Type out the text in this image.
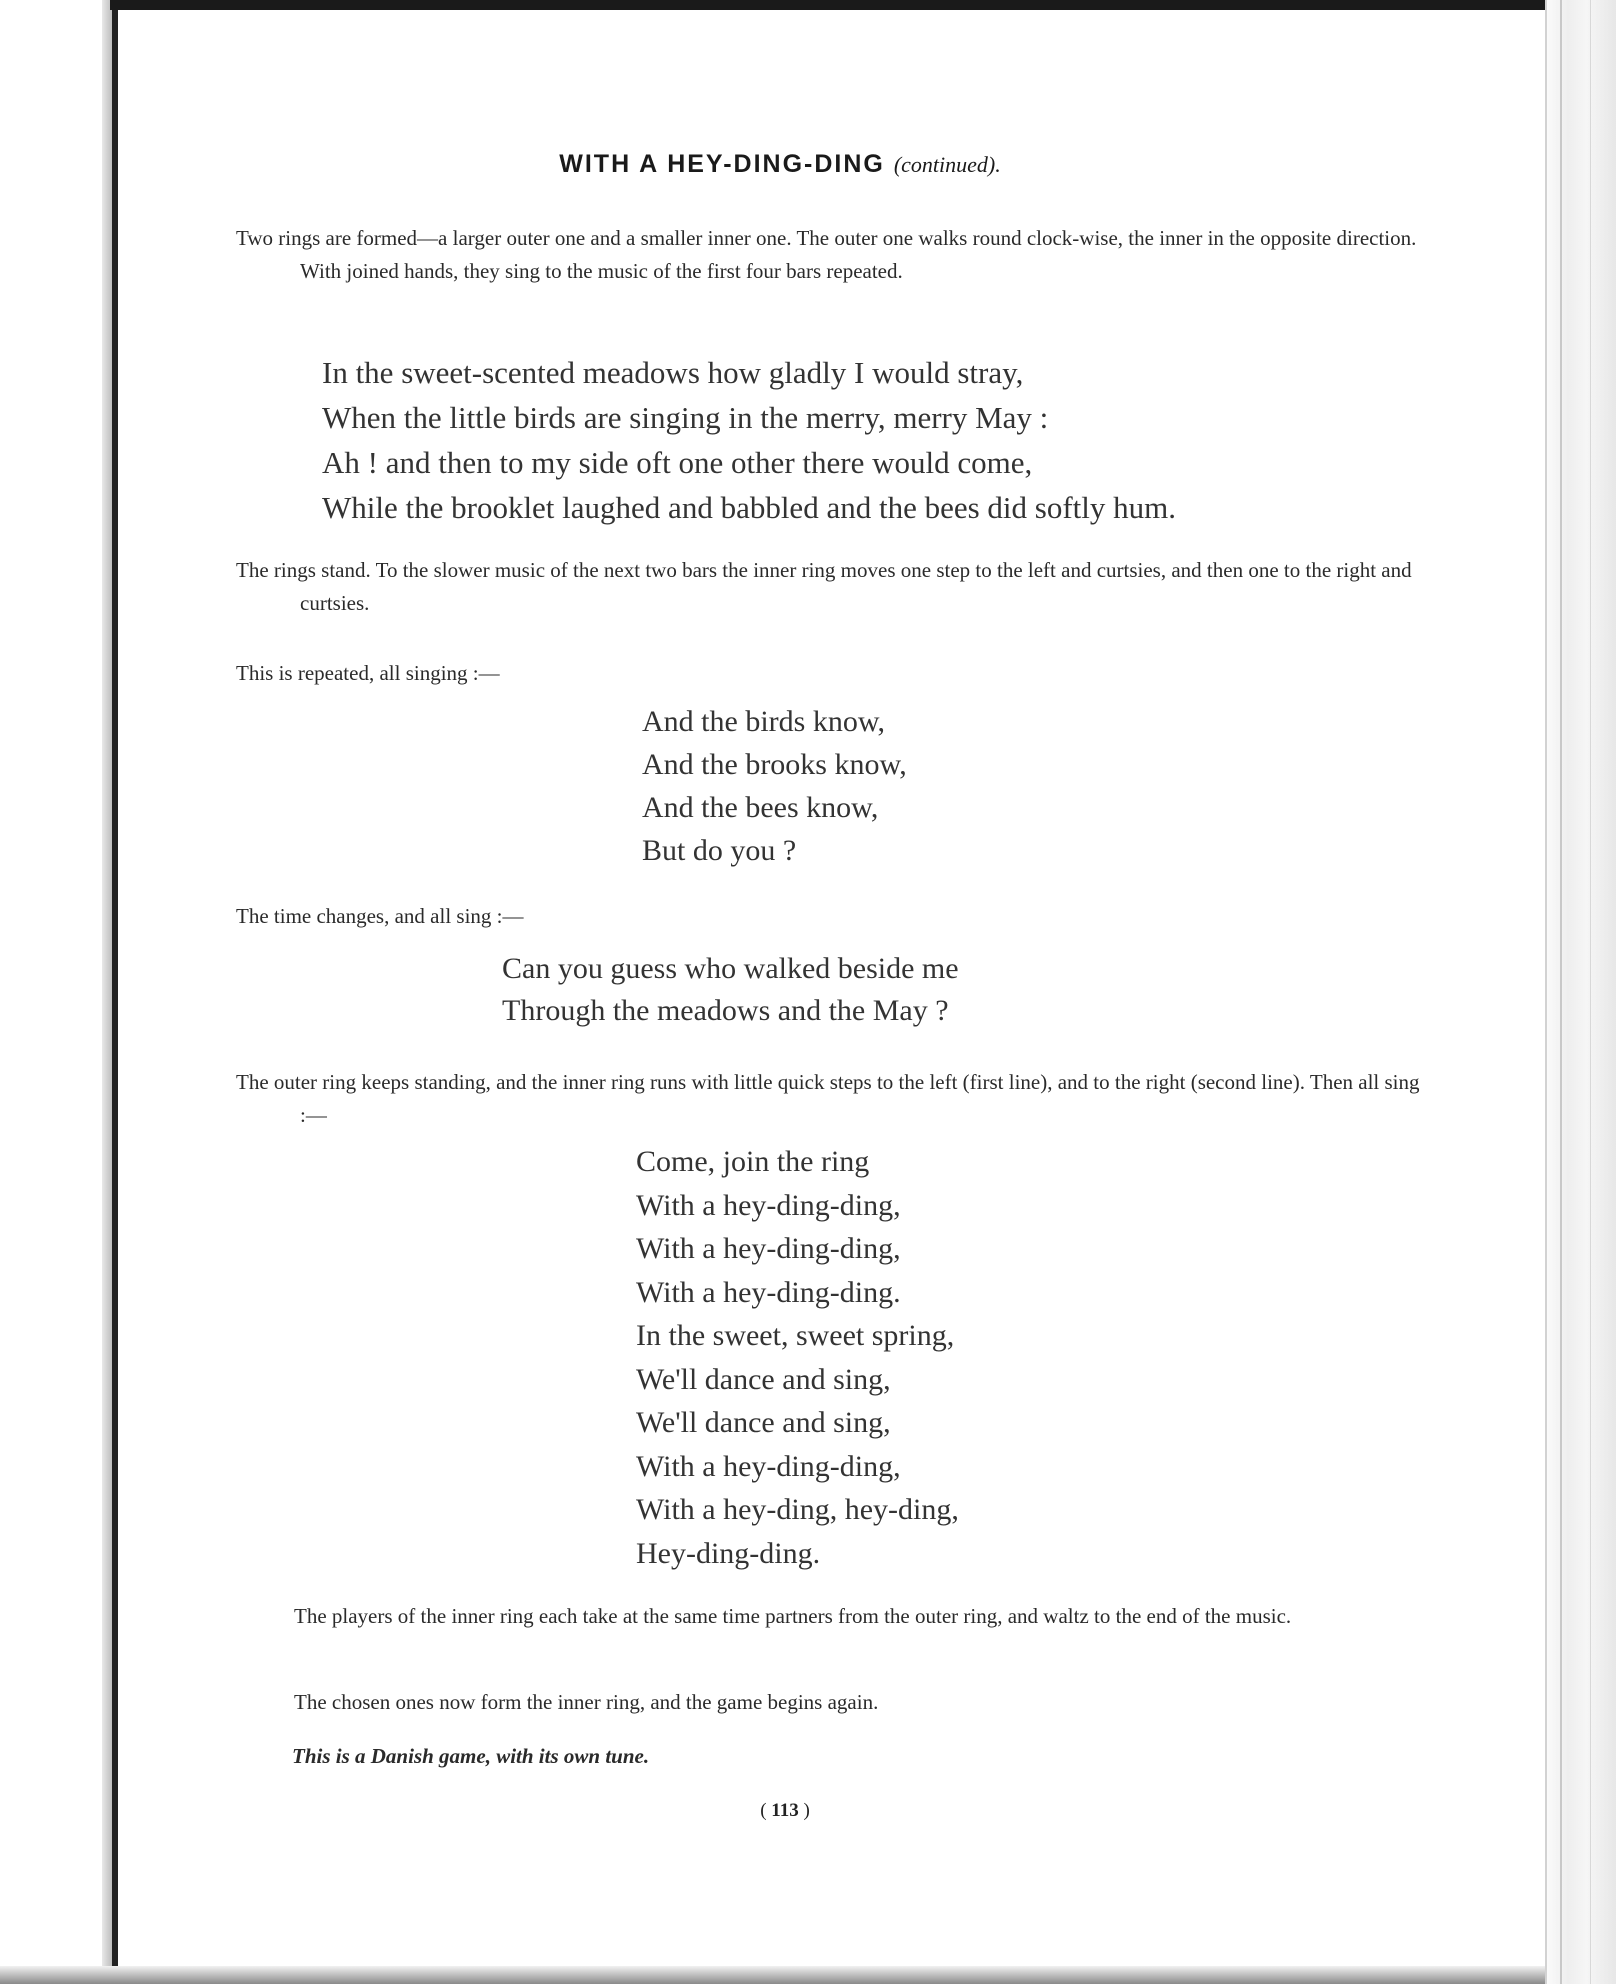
WITH A HEY-DING-DING (continued).
Two rings are formed—a larger outer one and a smaller inner one. The outer one walks round clock-wise, the inner in the opposite direction. With joined hands, they sing to the music of the first four bars repeated.
In the sweet-scented meadows how gladly I would stray,
When the little birds are singing in the merry, merry May :
Ah ! and then to my side oft one other there would come,
While the brooklet laughed and babbled and the bees did softly hum.
The rings stand. To the slower music of the next two bars the inner ring moves one step to the left and curtsies, and then one to the right and curtsies.
This is repeated, all singing :—
And the birds know,
And the brooks know,
And the bees know,
But do you ?
The time changes, and all sing :—
Can you guess who walked beside me
Through the meadows and the May ?
The outer ring keeps standing, and the inner ring runs with little quick steps to the left (first line), and to the right (second line). Then all sing :—
Come, join the ring
With a hey-ding-ding,
With a hey-ding-ding,
With a hey-ding-ding.
In the sweet, sweet spring,
We'll dance and sing,
We'll dance and sing,
With a hey-ding-ding,
With a hey-ding, hey-ding,
Hey-ding-ding.
The players of the inner ring each take at the same time partners from the outer ring, and waltz to the end of the music.
The chosen ones now form the inner ring, and the game begins again.
This is a Danish game, with its own tune.
( 113 )
